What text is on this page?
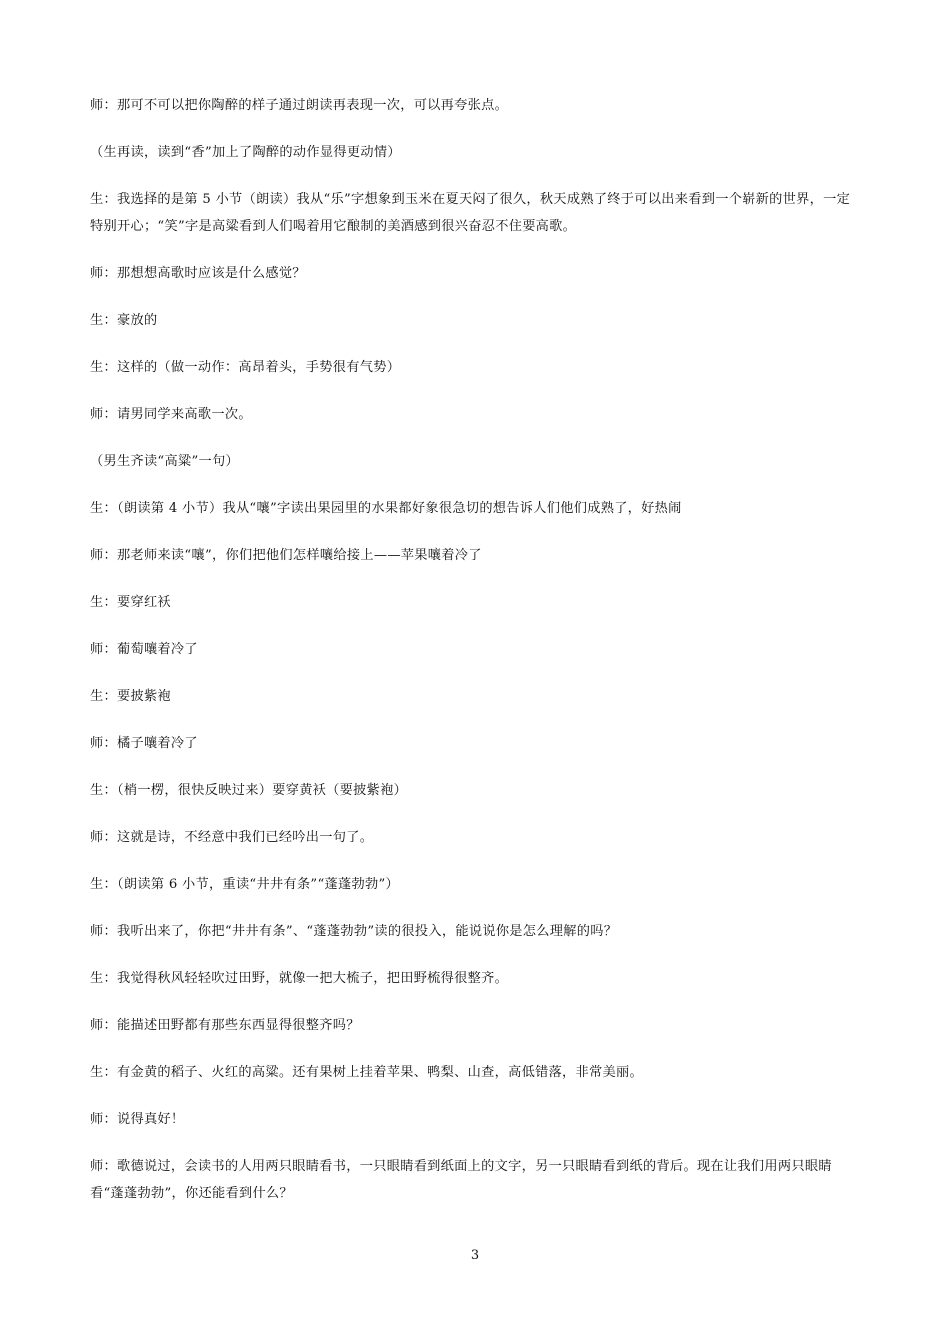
师：那可不可以把你陶醉的样子通过朗读再表现一次，可以再夸张点。

（生再读，读到“香”加上了陶醉的动作显得更动情）

生：我选择的是第 5 小节（朗读）我从“乐”字想象到玉米在夏天闷了很久，秋天成熟了终于可以出来看到一个崭新的世界，一定特别开心；“笑”字是高粱看到人们喝着用它酿制的美酒感到很兴奋忍不住要高歌。

师：那想想高歌时应该是什么感觉？

生：豪放的

生：这样的（做一动作：高昂着头，手势很有气势）

师：请男同学来高歌一次。

（男生齐读“高粱”一句）

生：（朗读第 4 小节）我从“嚷”字读出果园里的水果都好象很急切的想告诉人们他们成熟了，好热闹

师：那老师来读“嚷”，你们把他们怎样嚷给接上——苹果嚷着冷了

生：要穿红袄

师：葡萄嚷着冷了

生：要披紫袍

师：橘子嚷着冷了

生：（梢一楞，很快反映过来）要穿黄袄（要披紫袍）

师：这就是诗，不经意中我们已经吟出一句了。

生：（朗读第 6 小节，重读“井井有条”“蓬蓬勃勃”）

师：我听出来了，你把“井井有条”、“蓬蓬勃勃”读的很投入，能说说你是怎么理解的吗？

生：我觉得秋风轻轻吹过田野，就像一把大梳子，把田野梳得很整齐。

师：能描述田野都有那些东西显得很整齐吗？

生：有金黄的稻子、火红的高粱。还有果树上挂着苹果、鸭梨、山查，高低错落，非常美丽。

师：说得真好！

师：歌德说过，会读书的人用两只眼睛看书，一只眼睛看到纸面上的文字，另一只眼睛看到纸的背后。现在让我们用两只眼睛看“蓬蓬勃勃”，你还能看到什么？

3
